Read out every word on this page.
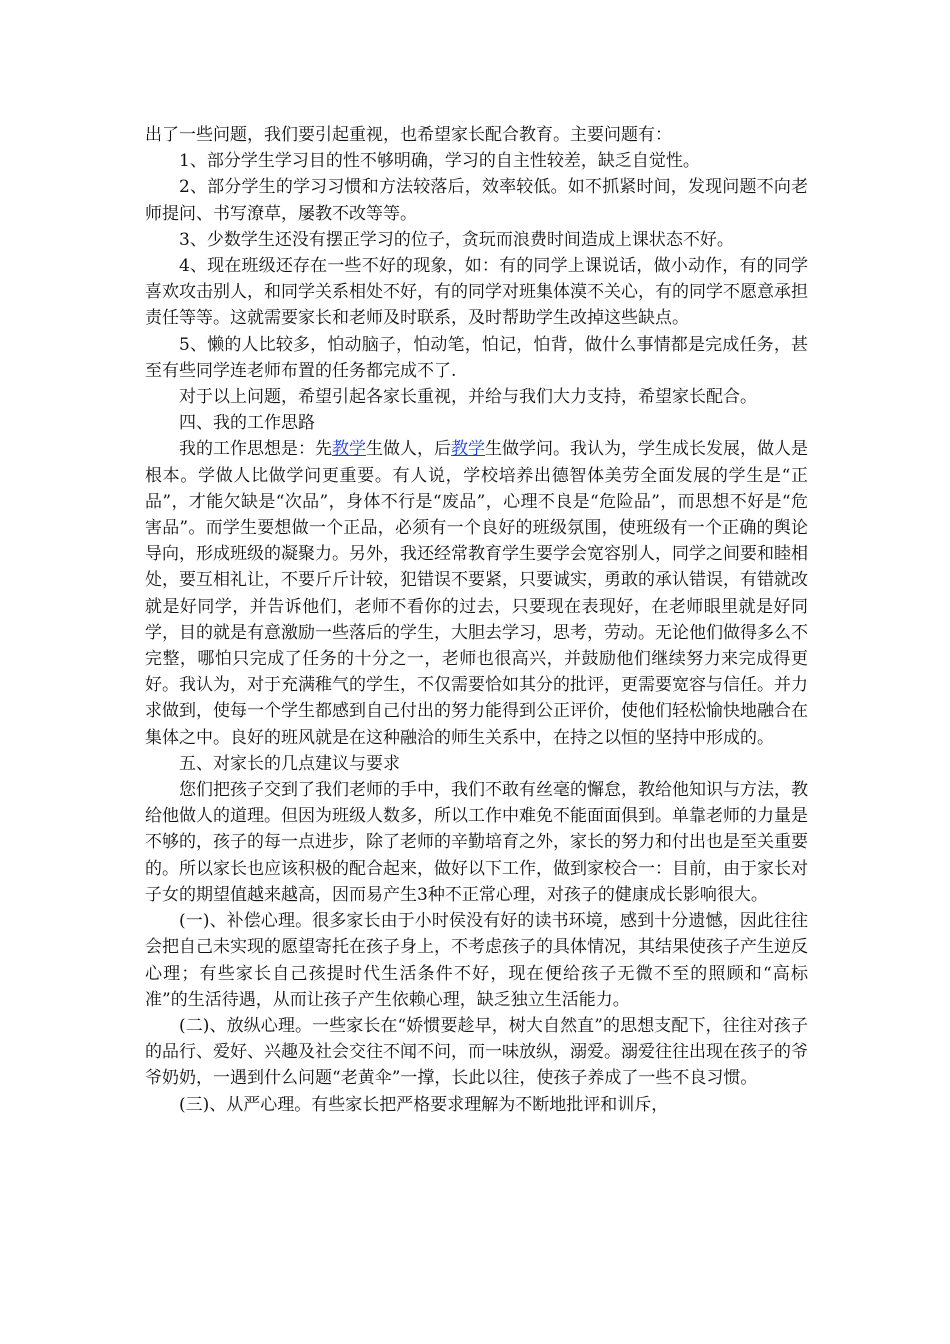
出了一些问题，我们要引起重视，也希望家长配合教育。主要问题有：

1、部分学生学习目的性不够明确，学习的自主性较差，缺乏自觉性。

2、部分学生的学习习惯和方法较落后，效率较低。如不抓紧时间，发现问题不向老师提问、书写潦草，屡教不改等等。

3、少数学生还没有摆正学习的位子，贪玩而浪费时间造成上课状态不好。

4、现在班级还存在一些不好的现象，如：有的同学上课说话，做小动作，有的同学喜欢攻击别人，和同学关系相处不好，有的同学对班集体漠不关心，有的同学不愿意承担责任等等。这就需要家长和老师及时联系，及时帮助学生改掉这些缺点。

5、懒的人比较多，怕动脑子，怕动笔，怕记，怕背，做什么事情都是完成任务，甚至有些同学连老师布置的任务都完成不了.

对于以上问题，希望引起各家长重视，并给与我们大力支持，希望家长配合。

四、我的工作思路

我的工作思想是：先教学生做人，后教学生做学问。我认为，学生成长发展，做人是根本。学做人比做学问更重要。有人说，学校培养出德智体美劳全面发展的学生是“正品”，才能欠缺是“次品”，身体不行是“废品”，心理不良是“危险品”，而思想不好是“危害品”。而学生要想做一个正品，必须有一个良好的班级氛围，使班级有一个正确的舆论导向，形成班级的凝聚力。另外，我还经常教育学生要学会宽容别人，同学之间要和睦相处，要互相礼让，不要斤斤计较，犯错误不要紧，只要诚实，勇敢的承认错误，有错就改就是好同学，并告诉他们，老师不看你的过去，只要现在表现好，在老师眼里就是好同学，目的就是有意激励一些落后的学生，大胆去学习，思考，劳动。无论他们做得多么不完整，哪怕只完成了任务的十分之一，老师也很高兴，并鼓励他们继续努力来完成得更好。我认为，对于充满稚气的学生，不仅需要恰如其分的批评，更需要宽容与信任。并力求做到，使每一个学生都感到自己付出的努力能得到公正评价，使他们轻松愉快地融合在集体之中。良好的班风就是在这种融洽的师生关系中，在持之以恒的坚持中形成的。

五、对家长的几点建议与要求

您们把孩子交到了我们老师的手中，我们不敢有丝毫的懈怠，教给他知识与方法，教给他做人的道理。但因为班级人数多，所以工作中难免不能面面俱到。单靠老师的力量是不够的，孩子的每一点进步，除了老师的辛勤培育之外，家长的努力和付出也是至关重要的。所以家长也应该积极的配合起来，做好以下工作，做到家校合一：目前，由于家长对子女的期望值越来越高，因而易产生3种不正常心理，对孩子的健康成长影响很大。

(一)、补偿心理。很多家长由于小时侯没有好的读书环境，感到十分遗憾，因此往往会把自己未实现的愿望寄托在孩子身上，不考虑孩子的具体情况，其结果使孩子产生逆反心理；有些家长自己孩提时代生活条件不好，现在便给孩子无微不至的照顾和“高标准”的生活待遇，从而让孩子产生依赖心理，缺乏独立生活能力。

(二)、放纵心理。一些家长在“娇惯要趁早，树大自然直”的思想支配下，往往对孩子的品行、爱好、兴趣及社会交往不闻不问，而一味放纵，溺爱。溺爱往往出现在孩子的爷爷奶奶，一遇到什么问题“老黄伞”一撑，长此以往，使孩子养成了一些不良习惯。

(三)、从严心理。有些家长把严格要求理解为不断地批评和训斥，
